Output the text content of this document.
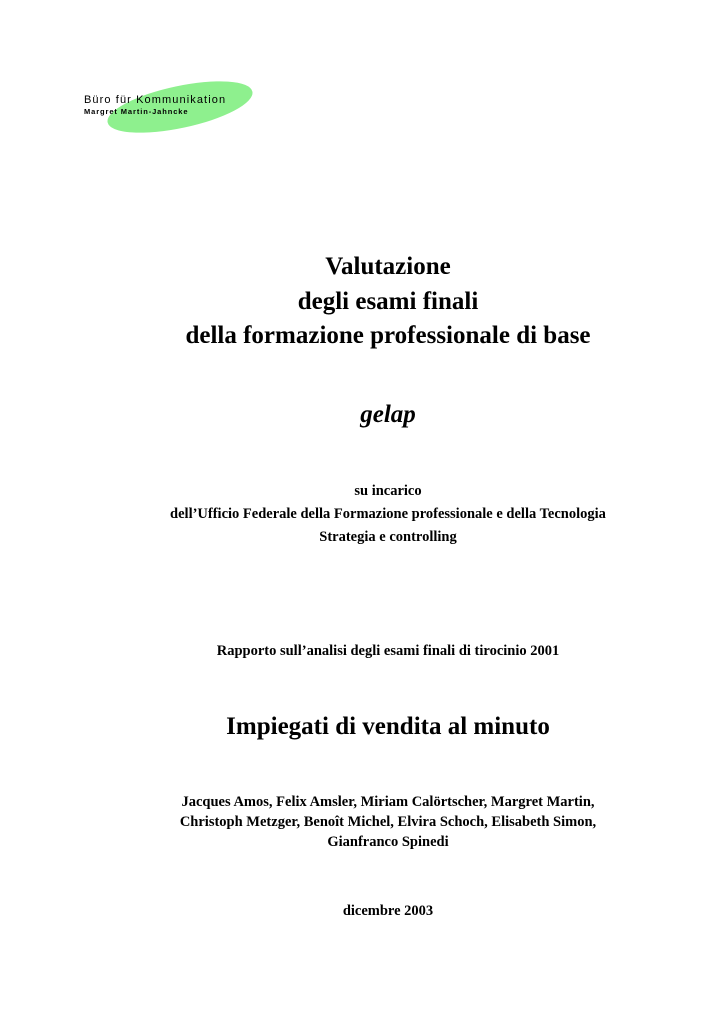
Büro für Kommunikation
Margret Martin-Jahncke
Valutazione
degli esami finali
della formazione professionale di base
gelap
su incarico
dell’Ufficio Federale della Formazione professionale e della Tecnologia
Strategia e controlling
Rapporto sull’analisi degli esami finali di tirocinio 2001
Impiegati di vendita al minuto
Jacques Amos, Felix Amsler, Miriam Calörtscher, Margret Martin,
Christoph Metzger, Benoît Michel, Elvira Schoch, Elisabeth Simon,
Gianfranco Spinedi
dicembre 2003
